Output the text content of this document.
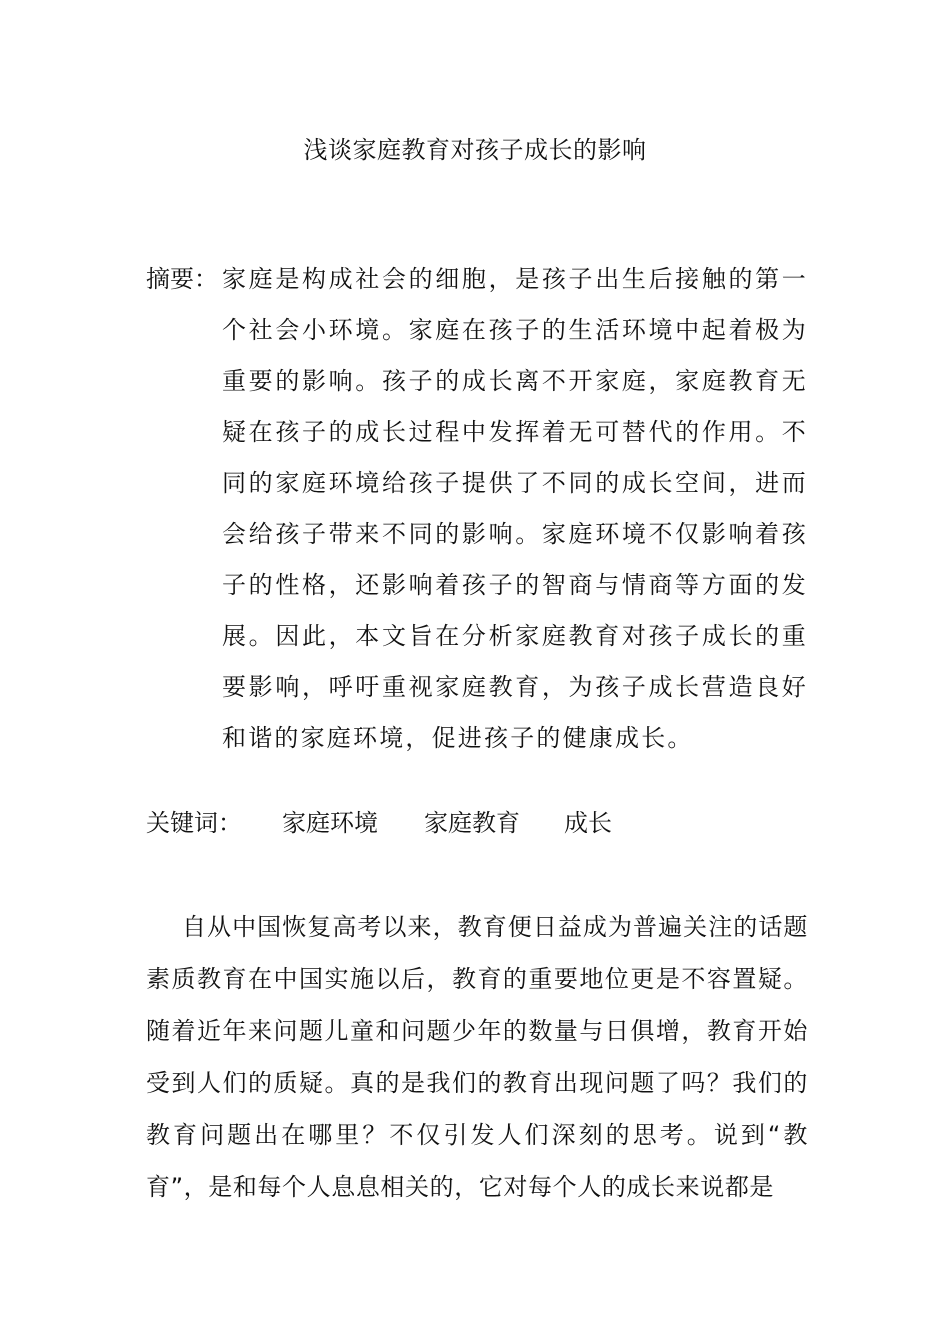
浅谈家庭教育对孩子成长的影响
摘要： 家庭是构成社会的细胞，是孩子出生后接触的第一个社会小环境。家庭在孩子的生活环境中起着极为重要的影响。孩子的成长离不开家庭，家庭教育无疑在孩子的成长过程中发挥着无可替代的作用。不同的家庭环境给孩子提供了不同的成长空间，进而会给孩子带来不同的影响。家庭环境不仅影响着孩子的性格，还影响着孩子的智商与情商等方面的发展。因此，本文旨在分析家庭教育对孩子成长的重要影响，呼吁重视家庭教育，为孩子成长营造良好和谐的家庭环境，促进孩子的健康成长。
关键词： 家庭环境 家庭教育 成长
自从中国恢复高考以来，教育便日益成为普遍关注的话题素质教育在中国实施以后，教育的重要地位更是不容置疑。随着近年来问题儿童和问题少年的数量与日俱增，教育开始受到人们的质疑。真的是我们的教育出现问题了吗？我们的教育问题出在哪里？不仅引发人们深刻的思考。说到“教育”，是和每个人息息相关的，它对每个人的成长来说都是
